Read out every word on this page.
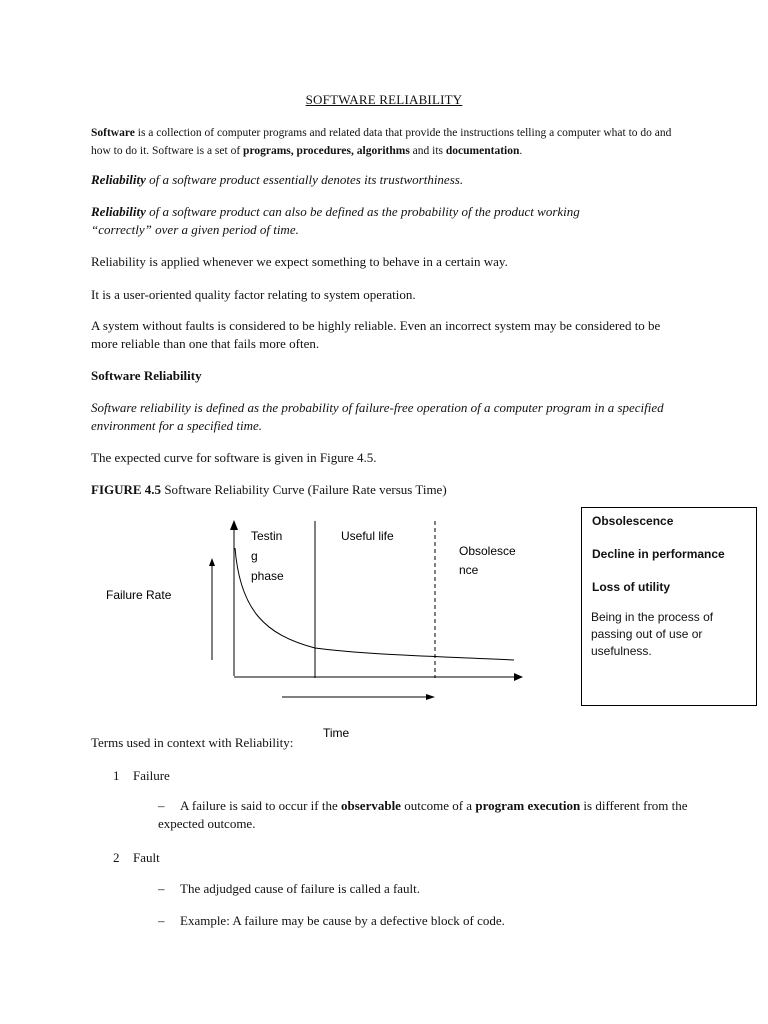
SOFTWARE RELIABILITY

Software is a collection of computer programs and related data that provide the instructions telling a computer what to do and how to do it. Software is a set of programs, procedures, algorithms and its documentation.

Reliability of a software product essentially denotes its trustworthiness.

Reliability of a software product can also be defined as the probability of the product working “correctly” over a given period of time.

Reliability is applied whenever we expect something to behave in a certain way.

It is a user-oriented quality factor relating to system operation.

A system without faults is considered to be highly reliable. Even an incorrect system may be considered to be more reliable than one that fails more often.

Software Reliability

Software reliability is defined as the probability of failure-free operation of a computer program in a specified environment for a specified time.

The expected curve for software is given in Figure 4.5.

FIGURE 4.5 Software Reliability Curve (Failure Rate versus Time)

Testin
g
phase
Useful life
Obsolesce
nce
Failure Rate
Time
Obsolescence
Decline in performance
Loss of utility
Being in the process of passing out of use or usefulness.

Terms used in context with Reliability:

1 Failure

– A failure is said to occur if the observable outcome of a program execution is different from the expected outcome.

2 Fault

– The adjudged cause of failure is called a fault.

– Example: A failure may be cause by a defective block of code.
